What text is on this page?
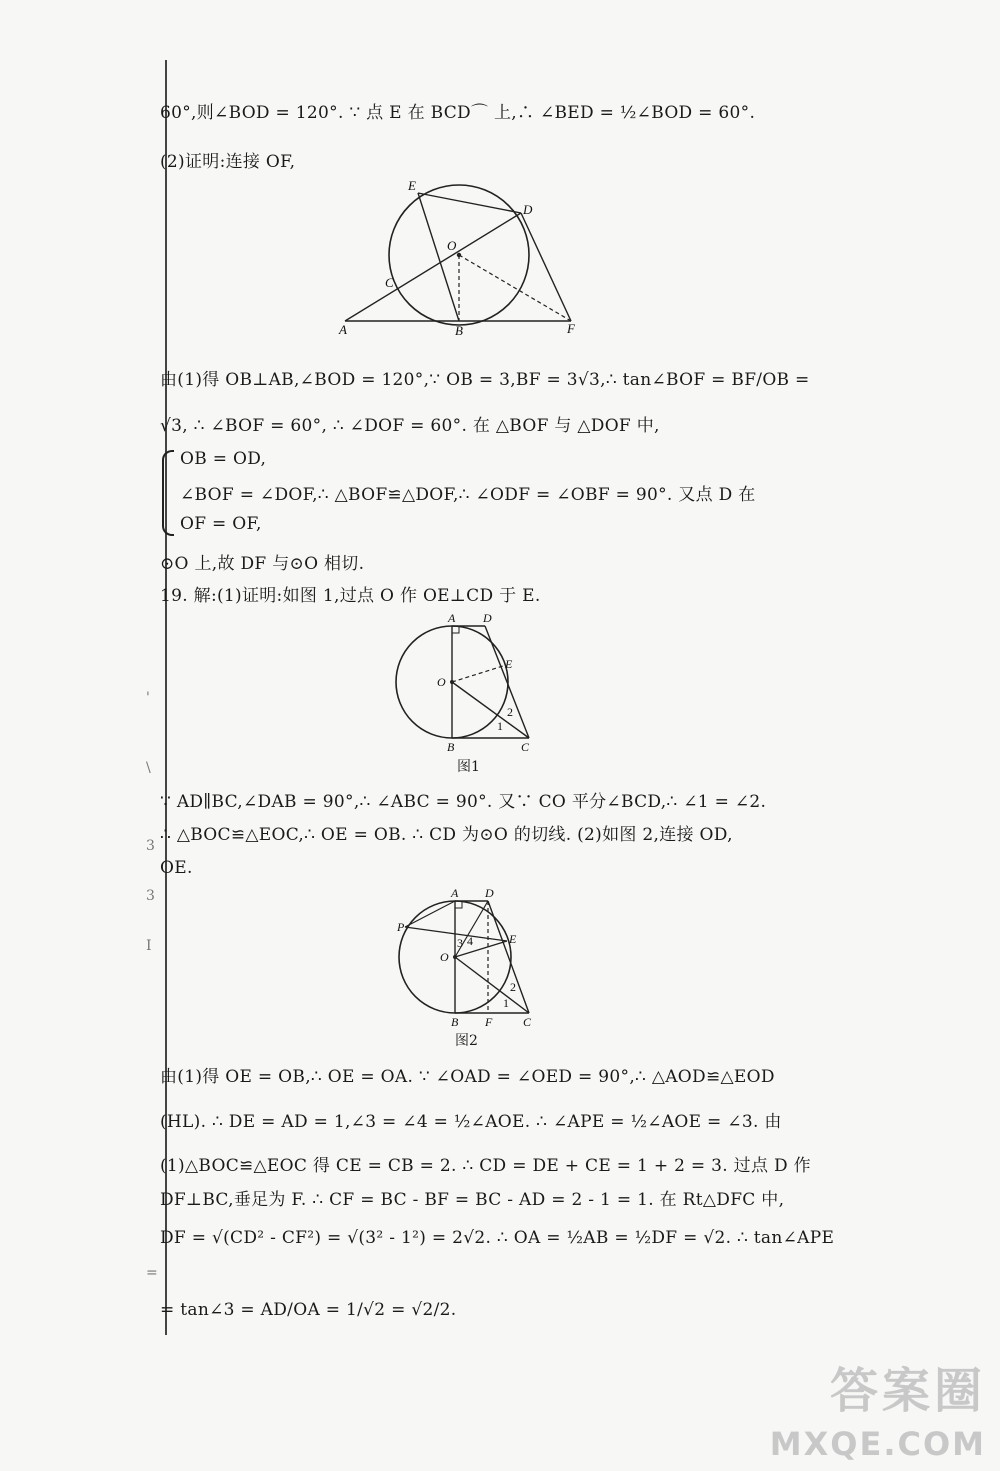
'
\
3
3
I
=
60°,则∠BOD = 120°. ∵ 点 E 在 BCD⌒ 上,∴ ∠BED = ½∠BOD = 60°.
(2)证明:连接 OF,
E
D
O
C
A	B	F
由(1)得 OB⊥AB,∠BOD = 120°,∵ OB = 3,BF = 3√3,∴ tan∠BOF = BF/OB =
√3, ∴ ∠BOF = 60°, ∴ ∠DOF = 60°. 在 △BOF 与 △DOF 中,
OB = OD,
∠BOF = ∠DOF,∴ △BOF≌△DOF,∴ ∠ODF = ∠OBF = 90°. 又点 D 在
OF = OF,
⊙O 上,故 DF 与⊙O 相切.
19. 解:(1)证明:如图 1,过点 O 作 OE⊥CD 于 E.
A D
E
O
2
1
B	C
图1
∵ AD∥BC,∠DAB = 90°,∴ ∠ABC = 90°. 又∵ CO 平分∠BCD,∴ ∠1 = ∠2.
∴ △BOC≌△EOC,∴ OE = OB. ∴ CD 为⊙O 的切线. (2)如图 2,连接 OD,
OE.
A D
P
3 4	E
O
2
1
B F	C
图2
由(1)得 OE = OB,∴ OE = OA. ∵ ∠OAD = ∠OED = 90°,∴ △AOD≌△EOD
(HL). ∴ DE = AD = 1,∠3 = ∠4 = ½∠AOE. ∴ ∠APE = ½∠AOE = ∠3. 由
(1)△BOC≌△EOC 得 CE = CB = 2. ∴ CD = DE + CE = 1 + 2 = 3. 过点 D 作
DF⊥BC,垂足为 F. ∴ CF = BC - BF = BC - AD = 2 - 1 = 1. 在 Rt△DFC 中,
DF = √(CD² - CF²) = √(3² - 1²) = 2√2. ∴ OA = ½AB = ½DF = √2. ∴ tan∠APE
= tan∠3 = AD/OA = 1/√2 = √2/2.
答案圈
MXQE.COM
